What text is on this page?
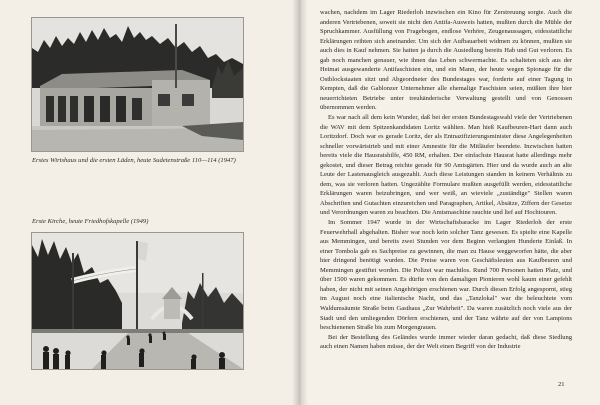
Erstes Wirtshaus und die ersten Läden, heute Sudetenstraße 110—114 (1947)
Erste Kirche, heute Friedhofskapelle (1949)

wachen, nachdem im Lager Riederloh inzwischen ein Kino für Zerstreuung sorgte. Auch die anderen Vertriebenen, soweit sie nicht den Antifa-Ausweis hatten, mußten durch die Mühle der Spruchkammer. Ausfüllung von Fragebogen, endlose Verhöre, Zeugenaussagen, eidesstattliche Erklärungen reihten sich aneinander. Um sich der Aufbauarbeit widmen zu können, mußten sie auch dies in Kauf nehmen. Sie hatten ja durch die Ausiedlung bereits Hab und Gut verloren. Es gab noch manchen genauer, wie ihnen das Leben schwermachte. Es schalteten sich aus der Heimat ausgewanderte Antifaschisten ein, und ein Mann, der heute wegen Spionage für die Ostblockstaaten sitzt und Abgeordneter des Bundestages war, forderte auf einer Tagung in Kempten, daß die Gablonzer Unternehmer alle ehemalige Faschisten seien, müßten ihre hier neuerrichteten Betriebe unter treuhänderische Verwaltung gestellt und von Genossen übernommen werden.

Es war nach all dem kein Wunder, daß bei der ersten Bundestagswahl viele der Vertriebenen die WAV mit dem Spitzenkandidaten Loritz wählten. Man hieß Kaufbeuren-Hart dann auch Loritzdorf. Doch war es gerade Loritz, der als Entnazifizierungsminister diese Angelegenheiten schneller vorwärtstrieb und mit einer Amnestie für die Mitläufer beendete. Inzwischen hatten bereits viele die Hausratshilfe, 450 RM, erhalten. Der einfachste Hausrat hatte allerdings mehr gekostet, und dieser Betrag reichte gerade für 90 Amtsgärten. Hier und da wurde auch an alte Leute der Lastenausgleich ausgezahlt. Auch diese Leistungen standen in keinem Verhältnis zu dem, was sie verloren hatten. Ungezählte Formulare mußten ausgefüllt werden, eidesstattliche Erklärungen waren beizubringen, und wer weiß, an wieviele „zuständige" Stellen waren Abschriften und Gutachten einzureichen und Paragraphen, Artikel, Absätze, Ziffern der Gesetze und Verordnungen waren zu beachten. Die Amtsmaschine rauchte und lief auf Hochtouren.

Im Sommer 1947 wurde in der Wirtschaftsbaracke im Lager Riederloh der erste Feuerwehrball abgehalten. Bisher war noch kein solcher Tanz gewesen. Es spielte eine Kapelle aus Memmingen, und bereits zwei Stunden vor dem Beginn verlangten Hunderte Einlaß. In einer Tombola gab es Sachpreise zu gewinnen, die man zu Hause weggeworfen hätte, die aber hier dringend benötigt wurden. Die Preise waren von Geschäftsleuten aus Kaufbeuren und Memmingen gestiftet worden. Die Polizei war machtlos. Rund 700 Personen hatten Platz, und über 1500 waren gekommen. Es dürfte von den damaligen Pionieren wohl kaum einer gefehlt haben, der nicht mit seinen Angehörigen erschienen war. Durch diesen Erfolg angespornt, stieg im August noch eine italienische Nacht, und das „Tanzlokal" war die beleuchtete vom Waldumsäumte Straße beim Gasthaus „Zur Wahrheit". Da waren zusätzlich noch viele aus der Stadt und den umliegenden Dörfern erschienen, und der Tanz währte auf der von Lampions beschienenen Straße bis zum Morgengrauen.

Bei der Bestellung des Geländes wurde immer wieder daran gedacht, daß diese Siedlung auch einen Namen haben müsse, der der Welt einen Begriff von der Industrie

21
